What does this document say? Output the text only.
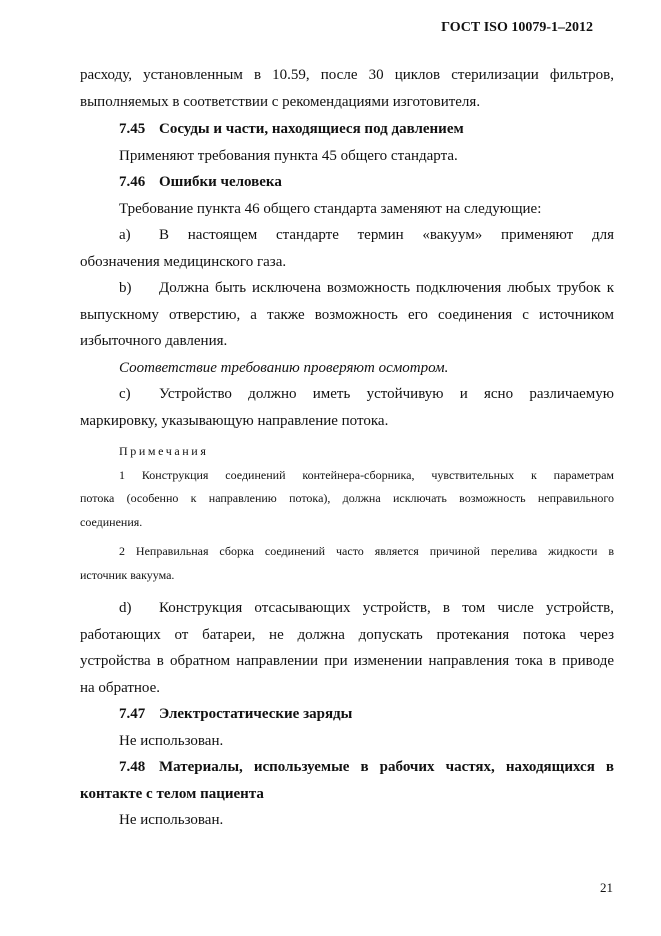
ГОСТ ISO 10079-1–2012

расходу, установленным в 10.59, после 30 циклов стерилизации фильтров,

выполняемых в соответствии с рекомендациями изготовителя.

7.45 Сосуды и части, находящиеся под давлением

Применяют требования пункта 45 общего стандарта.

7.46 Ошибки человека

Требование пункта 46 общего стандарта заменяют на следующие:

a) В настоящем стандарте термин «вакуум» применяют для

обозначения медицинского газа.

b) Должна быть исключена возможность подключения любых трубок к

выпускному отверстию, а также возможность его соединения с источником

избыточного давления.

Соответствие требованию проверяют осмотром.

c) Устройство должно иметь устойчивую и ясно различаемую

маркировку, указывающую направление потока.

Примечания

1 Конструкция соединений контейнера-сборника, чувствительных к параметрам

потока (особенно к направлению потока), должна исключать возможность неправильного

соединения.

2 Неправильная сборка соединений часто является причиной перелива жидкости в

источник вакуума.

d) Конструкция отсасывающих устройств, в том числе устройств,

работающих от батареи, не должна допускать протекания потока через

устройства в обратном направлении при изменении направления тока в приводе

на обратное.

7.47 Электростатические заряды

Не использован.

7.48 Материалы, используемые в рабочих частях, находящихся в

контакте с телом пациента

Не использован.

21
